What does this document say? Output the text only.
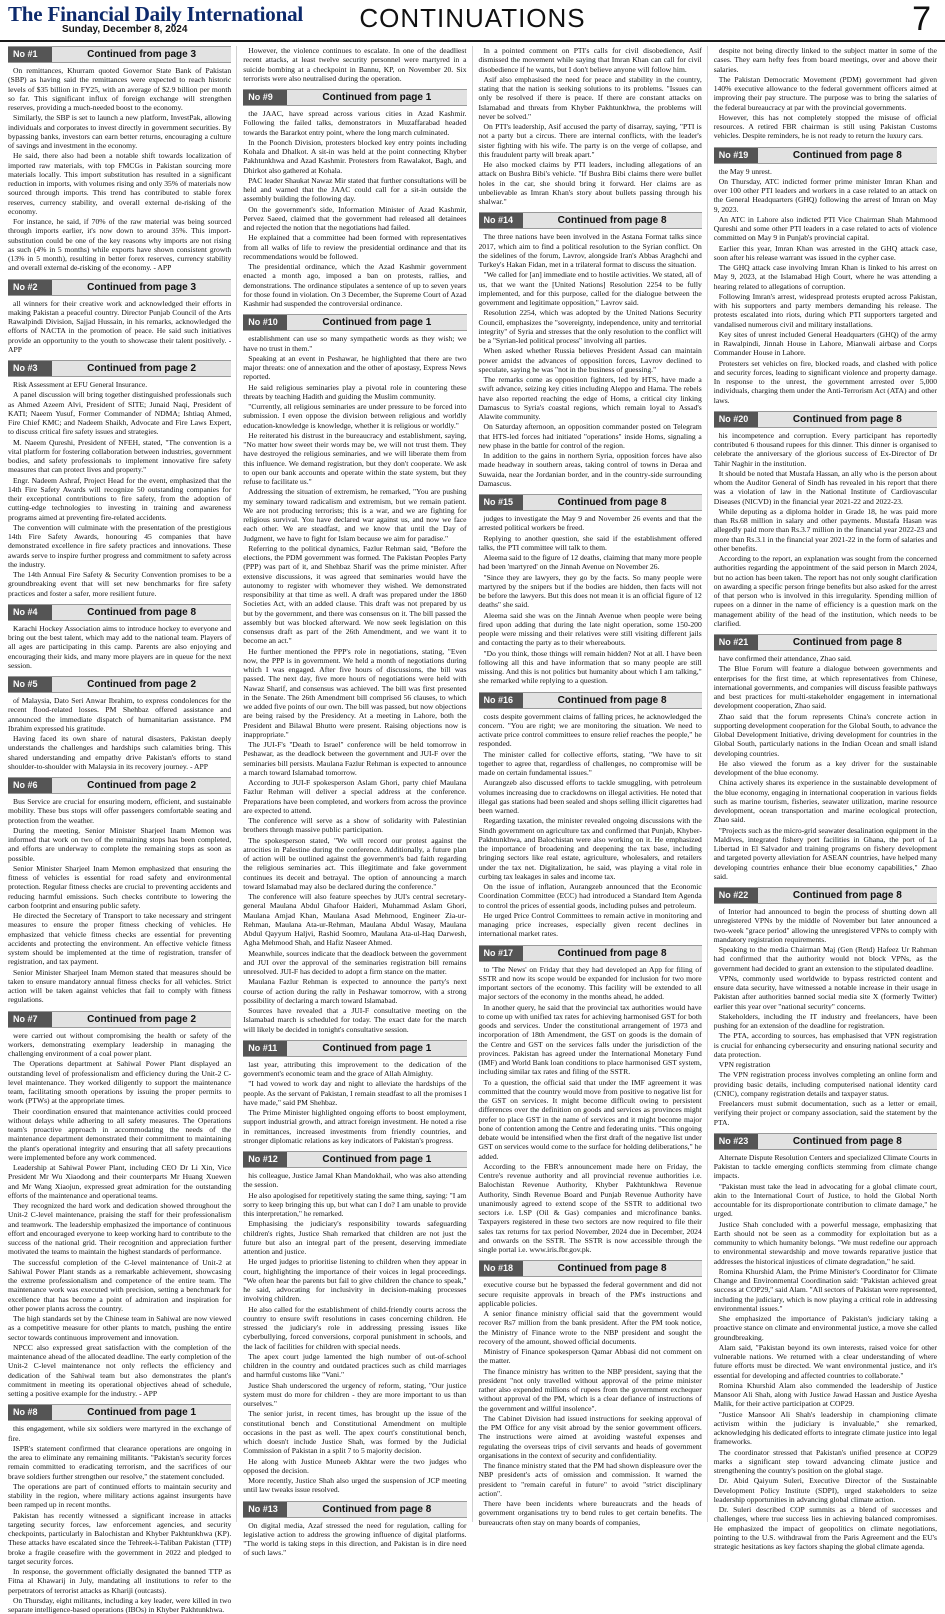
The Financial Daily International
Sunday, December 8, 2024	CONTINUATIONS	7
No #1	Continued from page 3

On remittances, Khurram quoted Governor State Bank of Pakistan (SBP) as having said the remittances were expected to reach historic levels of $35 billion in FY25, with an average of $2.9 billion per month so far. This significant influx of foreign exchange will strengthen reserves, providing a much-needed boost to the economy.

Similarly, the SBP is set to launch a new platform, InvestPak, allowing individuals and corporates to invest directly in government securities. By bypassing banks, investors can earn better returns, encouraging a culture of savings and investment in the economy.

He said, there also had been a notable shift towards localization of imported raw materials, with top FMCGs in Pakistan sourcing more materials locally. This import substitution has resulted in a significant reduction in imports, with volumes rising and only 35% of materials now sourced through imports. This trend has contributed to stable forex reserves, currency stability, and overall external de-risking of the economy.

For instance, he said, if 70% of the raw material was being sourced through imports earlier, it's now down to around 35%. This import-substitution could be one of the key reasons why imports are not rising as such (4% in 5 months) while exports have shown consistent growth (13% in 5 month), resulting in better forex reserves, currency stability and overall external de-risking of the economy. - APP

No #2	Continued from page 3

all winners for their creative work and acknowledged their efforts in making Pakistan a peaceful country. Director Punjab Council of the Arts Rawalpindi Division, Sajjad Hussain, in his remarks, acknowledged the efforts of NACTA in the promotion of peace. He said such initiatives provide an opportunity to the youth to showcase their talent positively. - APP

No #3	Continued from page 2

Risk Assessment at EFU General Insurance.

A panel discussion will bring together distinguished professionals such as Ahmed Azeem Alvi, President of SITE; Junaid Naqi, President of KATI; Naeem Yusuf, Former Commander of NDMA; Ishtiaq Ahmed, Fire Chief KMC; and Nadeem Shaikh, Advocate and Fire Laws Expert, to discuss critical fire safety issues and strategies.

M. Naeem Qureshi, President of NFEH, stated, "The convention is a vital platform for fostering collaboration between industries, government bodies, and safety professionals to implement innovative fire safety measures that can protect lives and property."

Engr. Nadeem Ashraf, Project Head for the event, emphasized that the 14th Fire Safety Awards will recognize 50 outstanding companies for their exceptional contributions to fire safety, from the adoption of cutting-edge technologies to investing in training and awareness programs aimed at preventing fire-related accidents.

The convention will culminate with the presentation of the prestigious 14th Fire Safety Awards, honouring 45 companies that have demonstrated excellence in fire safety practices and innovations. These awards serve to inspire further progress and commitment to safety across the industry.

The 14th Annual Fire Safety & Security Convention promises to be a groundbreaking event that will set new benchmarks for fire safety practices and foster a safer, more resilient future.

No #4	Continued from page 8

Karachi Hockey Association aims to introduce hockey to everyone and bring out the best talent, which may add to the national team. Players of all ages are participating in this camp. Parents are also enjoying and encouraging their kids, and many more players are in queue for the next session.

No #5	Continued from page 2

of Malaysia, Dato Seri Anwar Ibrahim, to express condolences for the recent flood-related losses. PM Shehbaz offered assistance and announced the immediate dispatch of humanitarian assistance. PM Ibrahim expressed his gratitude.

Having faced its own share of natural disasters, Pakistan deeply understands the challenges and hardships such calamities bring. This shared understanding and empathy drive Pakistan's efforts to stand shoulder-to-shoulder with Malaysia in its recovery journey. - APP

No #6	Continued from page 2

Bus Service are crucial for ensuring modern, efficient, and sustainable mobility. These bus stops will offer passengers comfortable seating and protection from the weather.

During the meeting, Senior Minister Sharjeel Inam Memon was informed that work on two of the remaining stops has been completed, and efforts are underway to complete the remaining stops as soon as possible.

Senior Minister Sharjeel Inam Memon emphasized that ensuring the fitness of vehicles is essential for road safety and environmental protection. Regular fitness checks are crucial to preventing accidents and reducing harmful emissions. Such checks contribute to lowering the carbon footprint and ensuring public safety.

He directed the Secretary of Transport to take necessary and stringent measures to ensure the proper fitness checking of vehicles. He emphasized that vehicle fitness checks are essential for preventing accidents and protecting the environment. An effective vehicle fitness system should be implemented at the time of registration, transfer of registration, and tax payment.

Senior Minister Sharjeel Inam Memon stated that measures should be taken to ensure mandatory annual fitness checks for all vehicles. Strict action will be taken against vehicles that fail to comply with fitness regulations.

No #7	Continued from page 2

were carried out without compromising the health or safety of the workers, demonstrating exemplary leadership in managing the challenging environment of a coal power plant.

The Operations department at Sahiwal Power Plant displayed an outstanding level of professionalism and efficiency during the Unit-2 C-level maintenance. They worked diligently to support the maintenance team, facilitating smooth operations by issuing the proper permits to work (PTWs) at the appropriate times.

Their coordination ensured that maintenance activities could proceed without delays while adhering to all safety measures. The Operations team's proactive approach in accommodating the needs of the maintenance department demonstrated their commitment to maintaining the plant's operational integrity and ensuring that all safety precautions were implemented before any work commenced.

Leadership at Sahiwal Power Plant, including CEO Dr Li Xin, Vice President Mr Wu Xiaodong and their counterparts Mr Huang Xuewen and Mr Wang Xiaojun, expressed great admiration for the outstanding efforts of the maintenance and operational teams.

They recognized the hard work and dedication showed throughout the Unit-2 C-level maintenance, praising the staff for their professionalism and teamwork. The leadership emphasized the importance of continuous effort and encouraged everyone to keep working hard to contribute to the success of the national grid. Their recognition and appreciation further motivated the teams to maintain the highest standards of performance.

The successful completion of the C-level maintenance of Unit-2 at Sahiwal Power Plant stands as a remarkable achievement, showcasing the extreme professionalism and competence of the entire team. The maintenance work was executed with precision, setting a benchmark for excellence that has become a point of admiration and inspiration for other power plants across the country.

The high standards set by the Chinese team in Sahiwal are now viewed as a competitive measure for other plants to match, pushing the entire sector towards continuous improvement and innovation.

NPCC also expressed great satisfaction with the completion of the maintenance ahead of the allocated deadline. The early completion of the Unit-2 C-level maintenance not only reflects the efficiency and dedication of the Sahiwal team but also demonstrates the plant's commitment in meeting its operational objectives ahead of schedule, setting a positive example for the industry. - APP

No #8	Continued from page 1

this engagement, while six soldiers were martyred in the exchange of fire.

ISPR's statement confirmed that clearance operations are ongoing in the area to eliminate any remaining militants. "Pakistan's security forces remain committed to eradicating terrorism, and the sacrifices of our brave soldiers further strengthen our resolve," the statement concluded.

The operations are part of continued efforts to maintain security and stability in the region, where military actions against insurgents have been ramped up in recent months.

Pakistan has recently witnessed a significant increase in attacks targeting security forces, law enforcement agencies, and security checkpoints, particularly in Balochistan and Khyber Pakhtunkhwa (KP). These attacks have escalated since the Tehreek-i-Taliban Pakistan (TTP) broke a fragile ceasefire with the government in 2022 and pledged to target security forces.

In response, the government officially designated the banned TTP as Fitna al Khawarij in July, mandating all institutions to refer to the perpetrators of terrorist attacks as Khariji (outcasts).

On Thursday, eight militants, including a key leader, were killed in two separate intelligence-based operations (IBOs) in Khyber Pakhtunkhwa.

However, the violence continues to escalate. In one of the deadliest recent attacks, at least twelve security personnel were martyred in a suicide bombing at a checkpoint in Bannu, KP, on November 20. Six terrorists were also neutralised during the operation.

No #9	Continued from page 1

the JAAC, have spread across various cities in Azad Kashmir. Following the failed talks, demonstrators in Muzaffarabad headed towards the Bararkot entry point, where the long march culminated.

In the Poonch Division, protesters blocked key entry points including Kohala and Dhalkot. A sit-in was held at the point connecting Khyber Pakhtunkhwa and Azad Kashmir. Protesters from Rawalakot, Bagh, and Dhirkot also gathered at Kohala.

PAC leader Shaukat Nawaz Mir stated that further consultations will be held and warned that the JAAC could call for a sit-in outside the assembly building the following day.

On the government's side, Information Minister of Azad Kashmir, Pervez Saeed, claimed that the government had released all detainees and rejected the notion that the negotiations had failed.

He explained that a committee had been formed with representatives from all walks of life to review the presidential ordinance and that its recommendations would be followed.

The presidential ordinance, which the Azad Kashmir government enacted a month ago, imposed a ban on protests, rallies, and demonstrations. The ordinance stipulates a sentence of up to seven years for those found in violation. On 3 December, the Supreme Court of Azad Kashmir had suspended the controversial ordinance.

No #10	Continued from page 1

establishment can use so many sympathetic words as they wish; we have no trust in them."

Speaking at an event in Peshawar, he highlighted that there are two major threats: one of annexation and the other of apostasy, Express News reported.

He said religious seminaries play a pivotal role in countering these threats by teaching Hadith and guiding the Muslim community.

"Currently, all religious seminaries are under pressure to be forced into submission. I even oppose the division between religious and worldly education-knowledge is knowledge, whether it is religious or worldly."

He reiterated his distrust in the bureaucracy and establishment, saying, "No matter how sweet their words may be, we will not trust them. They have destroyed the religious seminaries, and we will liberate them from this influence. We demand registration, but they don't cooperate. We ask to open our bank accounts and operate within the state system, but they refuse to facilitate us."

Addressing the situation of extremism, he remarked, "You are pushing my seminary toward radicalism and extremism, but we remain patient. We are not producing terrorists; this is a war, and we are fighting for religious survival. You have declared war against us, and now we face each other. We are steadfast, and we know that until the Day of Judgment, we have to fight for Islam because we aim for paradise."

Referring to the political dynamics, Fazlur Rehman said, "Before the elections, the PDM government was formed. The Pakistan Peoples Party (PPP) was part of it, and Shehbaz Sharif was the prime minister. After extensive discussions, it was agreed that seminaries would have the autonomy to register with whomever they wished. We demonstrated responsibility at that time as well. A draft was prepared under the 1860 Societies Act, with an added clause. This draft was not prepared by us but by the government, and there was consensus on it. The bill passed the assembly but was blocked afterward. We now seek legislation on this consensus draft as part of the 26th Amendment, and we want it to become an act."

He further mentioned the PPP's role in negotiations, stating, "Even now, the PPP is in government. We held a month of negotiations during which I was engaged. After five hours of discussions, the bill was passed. The next day, five more hours of negotiations were held with Nawaz Sharif, and consensus was achieved. The bill was first presented in the Senate. The 26th Amendment bill comprised 56 clauses, to which we added five points of our own. The bill was passed, but now objections are being raised by the Presidency. At a meeting in Lahore, both the President and Bilawal Bhutto were present. Raising objections now is inappropriate."

The JUI-F's "Death to Israel" conference will be held tomorrow in Peshawar, as the deadlock between the government and JUI-F over the seminaries bill persists. Maulana Fazlur Rehman is expected to announce a march toward Islamabad tomorrow.

According to JUI-F spokesperson Aslam Ghori, party chief Maulana Fazlur Rehman will deliver a special address at the conference. Preparations have been completed, and workers from across the province are expected to attend.

The conference will serve as a show of solidarity with Palestinian brothers through massive public participation.

The spokesperson stated, "We will record our protest against the atrocities in Palestine during the conference. Additionally, a future plan of action will be outlined against the government's bad faith regarding the religious seminaries act. This illegitimate and fake government continues its deceit and betrayal. The option of announcing a march toward Islamabad may also be declared during the conference."

The conference will also feature speeches by JUI's central secretary-general Maulana Abdul Ghafoor Haideri, Muhammad Aslam Ghori, Maulana Amjad Khan, Maulana Asad Mehmood, Engineer Zia-ur-Rehman, Maulana Ata-ur-Rehman, Maulana Abdul Wasay, Maulana Abdul Qayyum Haljvi, Rashid Soomro, Maulana Ata-ul-Haq Darwesh, Agha Mehmood Shah, and Hafiz Naseer Ahmed.

Meanwhile, sources indicate that the deadlock between the government and JUI over the approval of the seminaries registration bill remains unresolved. JUI-F has decided to adopt a firm stance on the matter.

Maulana Fazlur Rehman is expected to announce the party's next course of action during the rally in Peshawar tomorrow, with a strong possibility of declaring a march toward Islamabad.

Sources have revealed that a JUI-F consultative meeting on the Islamabad march is scheduled for today. The exact date for the march will likely be decided in tonight's consultative session.

No #11	Continued from page 1

last year, attributing this improvement to the dedication of the government's economic team and the grace of Allah Almighty.

"I had vowed to work day and night to alleviate the hardships of the people. As the servant of Pakistan, I remain steadfast to all the promises I have made," said PM Shehbaz.

The Prime Minister highlighted ongoing efforts to boost employment, support industrial growth, and attract foreign investment. He noted a rise in remittances, increased investments from friendly countries, and stronger diplomatic relations as key indicators of Pakistan's progress.

No #12	Continued from page 1

his colleague, Justice Jamal Khan Mandokhail, who was also attending the session.

He also apologised for repetitively stating the same thing, saying: "I am sorry to keep bringing this up, but what can I do? I am unable to provide this interpretation," he remarked.

Emphasising the judiciary's responsibility towards safeguarding children's rights, Justice Shah remarked that children are not just the future but also an integral part of the present, deserving immediate attention and justice.

He urged judges to prioritise listening to children when they appear in court, highlighting the importance of their voices in legal proceedings. "We often hear the parents but fail to give children the chance to speak," he said, advocating for inclusivity in decision-making processes involving children.

He also called for the establishment of child-friendly courts across the country to ensure swift resolutions in cases concerning children. He stressed the judiciary's role in addressing pressing issues like cyberbullying, forced conversions, corporal punishment in schools, and the lack of facilities for children with special needs.

The apex court judge lamented the high number of out-of-school children in the country and outdated practices such as child marriages and harmful customs like "Vani."

Justice Shah underscored the urgency of reform, stating, "Our justice system must do more for children - they are more important to us than ourselves."

The senior jurist, in recent times, has brought up the issue of the constitutional bench and Constitutional Amendment on multiple occasions in the past as well. The apex court's constitutional bench, which doesn't include Justice Shah, was formed by the Judicial Commission of Pakistan in a split 7 to 5 majority decision.

He along with Justice Muneeb Akhtar were the two judges who opposed the decision.

More recently, Justice Shah also urged the suspension of JCP meeting until law tweaks issue resolved.

No #13	Continued from page 8

On digital media, Azaf stressed the need for regulation, calling for legislative action to address the growing influence of digital platforms. "The world is taking steps in this direction, and Pakistan is in dire need of such laws."

In a pointed comment on PTI's calls for civil disobedience, Asif dismissed the movement while saying that Imran Khan can call for civil disobedience if he wants, but I don't believe anyone will follow him.

Asif also emphasised the need for peace and stability in the country, stating that the nation is seeking solutions to its problems. "Issues can only be resolved if there is peace. If there are constant attacks on Islamabad and threats from Khyber Pakhtunkhwa, the problems will never be solved."

On PTI's leadership, Asif accused the party of disarray, saying, "PTI is not a party but a circus. There are internal conflicts, with the leader's sister fighting with his wife. The party is on the verge of collapse, and this fraudulent party will break apart."

He also mocked claims by PTI leaders, including allegations of an attack on Bushra Bibi's vehicle. "If Bushra Bibi claims there were bullet holes in the car, she should bring it forward. Her claims are as unbelievable as Imran Khan's story about bullets passing through his shalwar."

No #14	Continued from page 8

The three nations have been involved in the Astana Format talks since 2017, which aim to find a political resolution to the Syrian conflict. On the sidelines of the forum, Lavrov, alongside Iran's Abbas Araghchi and Turkey's Hakan Fidan, met in a trilateral format to discuss the situation.

"We called for [an] immediate end to hostile activities. We stated, all of us, that we want the [United Nations] Resolution 2254 to be fully implemented, and for this purpose, called for the dialogue between the government and legitimate opposition," Lavrov said.

Resolution 2254, which was adopted by the United Nations Security Council, emphasizes the "sovereignty, independence, unity and territorial integrity" of Syria and stresses that the only resolution to the conflict will be a "Syrian-led political process" involving all parties.

When asked whether Russia believes President Assad can maintain power amidst the advances of opposition forces, Lavrov declined to speculate, saying he was "not in the business of guessing."

The remarks come as opposition fighters, led by HTS, have made a swift advance, seizing key cities including Aleppo and Hama. The rebels have also reported reaching the edge of Homs, a critical city linking Damascus to Syria's coastal regions, which remain loyal to Assad's Alawite community.

On Saturday afternoon, an opposition commander posted on Telegram that HTS-led forces had initiated "operations" inside Homs, signaling a new phase in the battle for control of the region.

In addition to the gains in northern Syria, opposition forces have also made headway in southern areas, taking control of towns in Deraa and Suwaida, near the Jordanian border, and in the country-side surrounding Damascus.

No #15	Continued from page 8

judges to investigate the May 9 and November 26 events and that the arrested political workers be freed.

Replying to another question, she said if the establishment offered talks, the PTI committee will talk to them.

Aleema said to the figure of 12 deaths, claiming that many more people had been 'martyred' on the Jinnah Avenue on November 26.

"Since they are lawyers, they go by the facts. So many people were martyred by the snipers but if the bodies are hidden, then facts will not be before the lawyers. But this does not mean it is an official figure of 12 deaths" she said.

Aleema said she was on the Jinnah Avenue when people were being fired upon adding that during the late night operation, some 150-200 people were missing and their relatives were still visiting different jails and contacting the party as to their whereabouts.

"Do you think, those things will remain hidden? Not at all. I have been following all this and have information that so many people are still missing. And this is not politics but humanity about which I am talking," she remarked while replying to a question.

No #16	Continued from page 8

costs despite government claims of falling prices, he acknowledged the concern. "You are right; we are monitoring the situation. We need to activate price control committees to ensure relief reaches the people," he responded.

The minister called for collective efforts, stating, "We have to sit together to agree that, regardless of challenges, no compromise will be made on certain fundamental issues."

Aurangzeb also discussed efforts to tackle smuggling, with petroleum volumes increasing due to crackdowns on illegal activities. He noted that illegal gas stations had been sealed and shops selling illicit cigarettes had been warned.

Regarding taxation, the minister revealed ongoing discussions with the Sindh government on agriculture tax and confirmed that Punjab, Khyber-Pakhtunkhwa, and Balochistan were also working on it. He emphasized the importance of broadening and deepening the tax base, including bringing sectors like real estate, agriculture, wholesalers, and retailers under the tax net. Digitalization, he said, was playing a vital role in curbing tax leakages in sales and income tax.

On the issue of inflation, Aurangzeb announced that the Economic Coordination Committee (ECC) had introduced a Standard Item Agenda to control the prices of essential goods, including pulses and petroleum.

He urged Price Control Committees to remain active in monitoring and managing price increases, especially given recent declines in international market rates.

No #17	Continued from page 8

to 'The News' on Friday that they had developed an App for filing of SSTR and now its scope would be expanded for inclusion for two more important sectors of the economy. This facility will be extended to all major sectors of the economy in the months ahead, he added.

In another query, he said that the provincial tax authorities would have to come up with unified tax rates for achieving harmonised GST for both goods and services. Under the constitutional arrangement of 1973 and incorporation of 18th Amendment, the GST on goods is the domain of the Centre and GST on the services falls under the jurisdiction of the provinces. Pakistan has agreed under the International Monetary Fund (IMF) and World Bank loan conditions to place harmonised GST system, including similar tax rates and filing of the SSTR.

To a question, the official said that under the IMF agreement it was committed that the country would move from positive to negative list for the GST on services. It might become difficult owing to persistent differences over the definition on goods and services as provinces might prefer to place GST in the name of services and it might become major bone of contention among the Centre and federating units. "This ongoing debate would be intensified when the first draft of the negative list under GST on services would come to the surface for holding deliberations," he added.

According to the FBR's announcement made here on Friday, the Centre's revenue authority and all provincial revenue authorities i.e. Balochistan Revenue Authority, Khyber Pakhtunkhwa Revenue Authority, Sindh Revenue Board and Punjab Revenue Authority have unanimously agreed to extend scope of the SSTR to additional two sectors i.e. LSP (Oil & Gas) companies and microfinance banks. Taxpayers registered in these two sectors are now required to file their sales tax returns for tax period November, 2024 due in December, 2024 and onwards on the SSTR. The SSTR is now accessible through the single portal i.e. www.iris.fbr.gov.pk.

No #18	Continued from page 8

executive course but he bypassed the federal government and did not secure requisite approvals in breach of the PM's instructions and applicable policies.

A senior finance ministry official said that the government would recover Rs7 million from the bank president. After the PM took notice, the Ministry of Finance wrote to the NBP president and sought the recovery of the amount, showed official documents.

Ministry of Finance spokesperson Qamar Abbasi did not comment on the matter.

The finance ministry has written to the NBP president, saying that the president "not only travelled without approval of the prime minister rather also expended millions of rupees from the government exchequer without approval of the PM, which is a clear defiance of instructions of the government and willful insolence".

The Cabinet Division had issued instructions for seeking approval of the PM Office for any visit abroad by the senior government officers. The instructions were aimed at avoiding wasteful expenses and regulating the overseas trips of civil servants and heads of government organisations in the context of security and confidentiality.

The finance ministry stated that the PM had shown displeasure over the NBP president's acts of omission and commission. It warned the president to "remain careful in future" to avoid "strict disciplinary action".

There have been incidents where bureaucrats and the heads of government organisations try to bend rules to get certain benefits. The bureaucrats often stay on many boards of companies,

despite not being directly linked to the subject matter in some of the cases. They earn hefty fees from board meetings, over and above their salaries.

The Pakistan Democratic Movement (PDM) government had given 140% executive allowance to the federal government officers aimed at improving their pay structure. The purpose was to bring the salaries of the federal bureaucracy at par with the provincial governments.

However, this has not completely stopped the misuse of official resources. A retired FBR chairman is still using Pakistan Customs vehicles. Despite reminders, he is not ready to return the luxury cars.

No #19	Continued from page 8

the May 9 unrest.

On Thursday, ATC indicted former prime minister Imran Khan and over 100 other PTI leaders and workers in a case related to an attack on the General Headquarters (GHQ) following the arrest of Imran on May 9, 2023.

An ATC in Lahore also indicted PTI Vice Chairman Shah Mahmood Qureshi and some other PTI leaders in a case related to acts of violence committed on May 9 in Punjab's provincial capital.

Earlier this year, Imran Khan was arrested in the GHQ attack case, soon after his release warrant was issued in the cypher case.

The GHQ attack case involving Imran Khan is linked to his arrest on May 9, 2023, at the Islamabad High Court, where he was attending a hearing related to allegations of corruption.

Following Imran's arrest, widespread protests erupted across Pakistan, with his supporters and party members demanding his release. The protests escalated into riots, during which PTI supporters targeted and vandalised numerous civil and military installations.

Key sites of unrest included General Headquarters (GHQ) of the army in Rawalpindi, Jinnah House in Lahore, Mianwali airbase and Corps Commander House in Lahore.

Protesters set vehicles on fire, blocked roads, and clashed with police and security forces, leading to significant violence and property damage. In response to the unrest, the government arrested over 5,000 individuals, charging them under the Anti-Terrorism Act (ATA) and other laws.

No #20	Continued from page 8

his incompetence and corruption. Every participant has reportedly contributed 6 thousand rupees for this dinner. This dinner is organised to celebrate the anniversary of the glorious success of Ex-Director of Dr Tahir Naghir in the institution.

It should be noted that Mustafa Hassan, an ally who is the person about whom the Auditor General of Sindh has revealed in his report that there was a violation of law in the National Institute of Cardiovascular Diseases (NICVD) in the financial year 2021-22 and 2022-23.

While deputing as a diploma holder in Grade 18, he was paid more than Rs.68 million in salary and other payments. Mustafa Hasan was allegedly paid more than Rs.3.7 million in the financial year 2022-23 and more than Rs.3.1 in the financial year 2021-22 in the form of salaries and other benefits.

According to the report, an explanation was sought from the concerned authorities regarding the appointment of the said person in March 2024, but no action has been taken. The report has not only sought clarification on awarding a specific person fringe benefits but also asked for the arrest of that person who is involved in this irregularity. Spending million of rupees on a dinner in the name of efficiency is a question mark on the management ability of the head of the institution, which needs to be clarified.

No #21	Continued from page 8

have confirmed their attendance, Zhao said.

The Blue Forum will feature a dialogue between governments and enterprises for the first time, at which representatives from Chinese, international governments, and companies will discuss feasible pathways and best practices for multi-stakeholder engagement in international development cooperation, Zhao said.

Zhao said that the forum represents China's concrete action in supporting development cooperation for the Global South, to advance the Global Development Initiative, driving development for countries in the Global South, particularly nations in the Indian Ocean and small island developing countries.

He also viewed the forum as a key driver for the sustainable development of the blue economy.

China actively shares its experience in the sustainable development of the blue economy, engaging in international cooperation in various fields such as marine tourism, fisheries, seawater utilization, marine resource development, ocean transportation and marine ecological protection, Zhao said.

"Projects such as the micro-grid seawater desalination equipment in the Maldives, integrated fishery port facilities in Ghana, the port of La Libertad in El Salvador and training programs on fishery development and targeted poverty alleviation for ASEAN countries, have helped many developing countries enhance their blue economy capabilities," Zhao said.

No #22	Continued from page 8

of Interior had announced to begin the process of shutting down all unregistered VPNs by the middle of November but later announced a two-week "grace period" allowing the unregistered VPNs to comply with mandatory registration requirements.

Speaking to the media Chairman Maj (Gen (Retd) Hafeez Ur Rahman had confirmed that the authority would not block VPNs, as the government had decided to grant an extension to the stipulated deadline.

VPNs, commonly used worldwide to bypass restricted content and ensure data security, have witnessed a notable increase in their usage in Pakistan after authorities banned social media site X (formerly Twitter) earlier this year over "national security" concerns.

Stakeholders, including the IT industry and freelancers, have been pushing for an extension of the deadline for registration.

The PTA, according to sources, has emphasised that VPN registration is crucial for enhancing cybersecurity and ensuring national security and data protection.

VPN registration

The VPN registration process involves completing an online form and providing basic details, including computerised national identity card (CNIC), company registration details and taxpayer status.

Freelancers must submit documentation, such as a letter or email, verifying their project or company association, said the statement by the PTA.

No #23	Continued from page 8

Alternate Dispute Resolution Centers and specialized Climate Courts in Pakistan to tackle emerging conflicts stemming from climate change impacts.

"Pakistan must take the lead in advocating for a global climate court, akin to the International Court of Justice, to hold the Global North accountable for its disproportionate contribution to climate damage," he urged.

Justice Shah concluded with a powerful message, emphasizing that Earth should not be seen as a commodity for exploitation but as a community to which humanity belongs. "We must redefine our approach to environmental stewardship and move towards reparative justice that addresses the historical injustices of climate degradation," he said.

Romina Khurshid Alam, the Prime Minister's Coordinator for Climate Change and Environmental Coordination said: "Pakistan achieved great success at COP29," said Alam. "All sectors of Pakistan were represented, including the judiciary, which is now playing a critical role in addressing environmental issues."

She emphasized the importance of Pakistan's judiciary taking a proactive stance on climate and environmental justice, a move she called groundbreaking.

Alam said, "Pakistan beyond its own interests, raised voice for other vulnerable nations. We returned with a clear understanding of where future efforts must be directed. We want environmental justice, and it's essential for developing and affected countries to collaborate."

Romina Khurshid Alam also commended the leadership of Justice Mansoor Ali Shah, along with Justice Jawad Hassan and Justice Ayesha Malik, for their active participation at COP29.

"Justice Mansoor Ali Shah's leadership in championing climate activism within the judiciary is invaluable," she remarked, acknowledging his dedicated efforts to integrate climate justice into legal frameworks.

The coordinator stressed that Pakistan's unified presence at COP29 marks a significant step toward advancing climate justice and strengthening the country's position on the global stage.

Dr. Abid Qaiyum Suleri, Executive Director of the Sustainable Development Policy Institute (SDPI), urged stakeholders to seize leadership opportunities in advancing global climate action.

Dr. Suleri described COP summits as a blend of successes and challenges, where true success lies in achieving balanced compromises. He emphasized the impact of geopolitics on climate negotiations, pointing to the U.S. withdrawal from the Paris Agreement and the EU's strategic hesitations as key factors shaping the global climate agenda.
